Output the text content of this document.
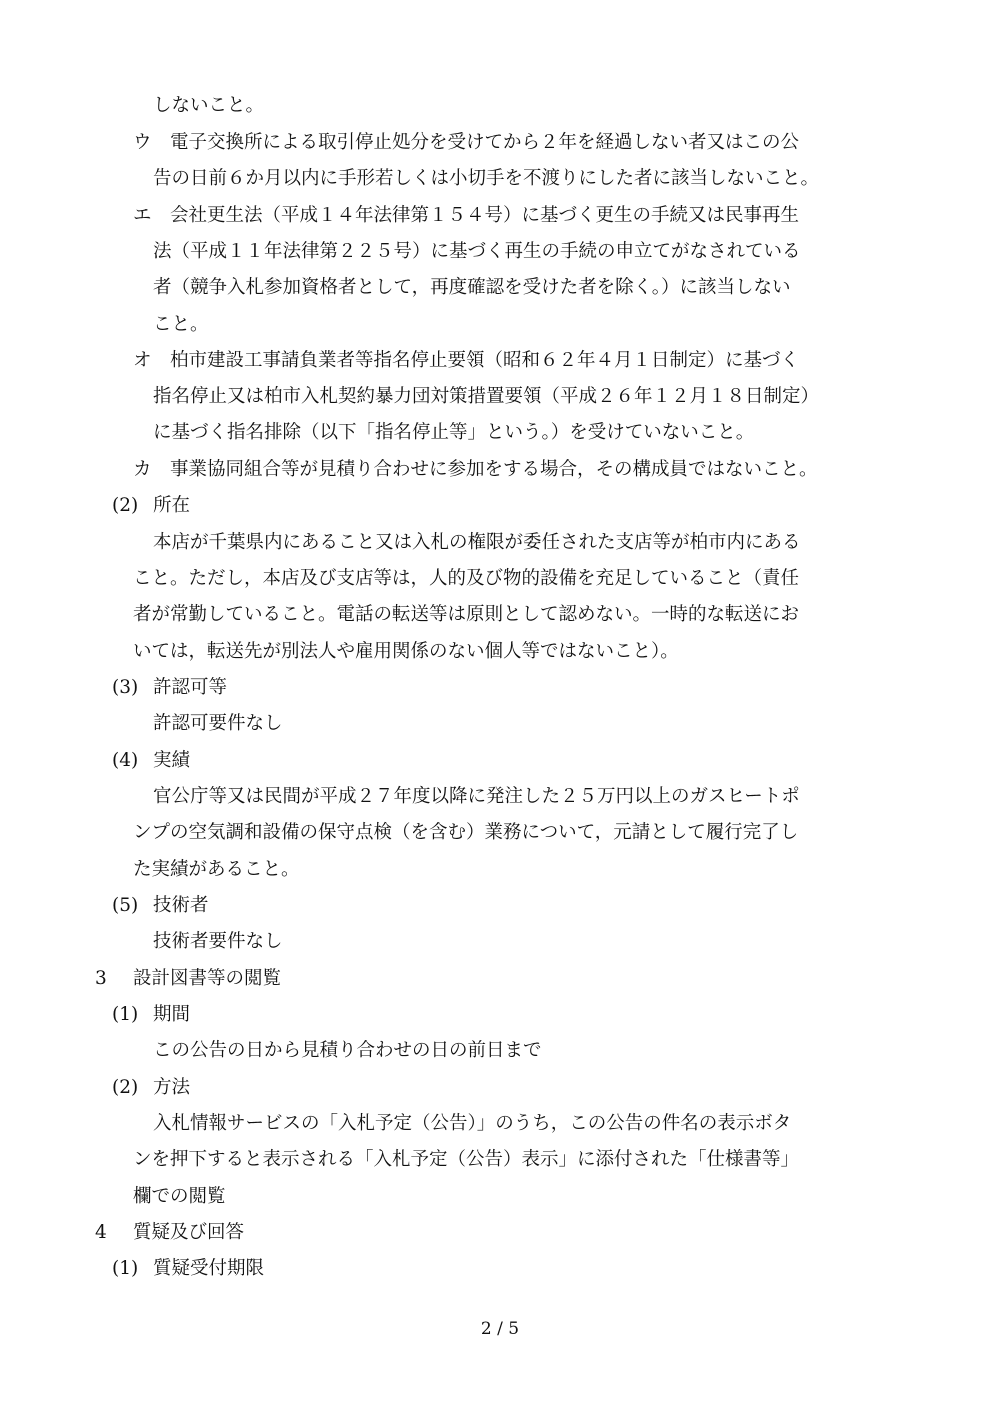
しないこと。
ウ 電子交換所による取引停止処分を受けてから２年を経過しない者又はこの公
告の日前６か月以内に手形若しくは小切手を不渡りにした者に該当しないこと。
エ 会社更生法（平成１４年法律第１５４号）に基づく更生の手続又は民事再生
法（平成１１年法律第２２５号）に基づく再生の手続の申立てがなされている
者（競争入札参加資格者として，再度確認を受けた者を除く。）に該当しない
こと。
オ 柏市建設工事請負業者等指名停止要領（昭和６２年４月１日制定）に基づく
指名停止又は柏市入札契約暴力団対策措置要領（平成２６年１２月１８日制定）
に基づく指名排除（以下「指名停止等」という。）を受けていないこと。
カ 事業協同組合等が見積り合わせに参加をする場合，その構成員ではないこと。
(2) 所在
本店が千葉県内にあること又は入札の権限が委任された支店等が柏市内にある
こと。ただし，本店及び支店等は，人的及び物的設備を充足していること（責任
者が常勤していること。電話の転送等は原則として認めない。一時的な転送にお
いては，転送先が別法人や雇用関係のない個人等ではないこと）。
(3) 許認可等
許認可要件なし
(4) 実績
官公庁等又は民間が平成２７年度以降に発注した２５万円以上のガスヒートポ
ンプの空気調和設備の保守点検（を含む）業務について，元請として履行完了し
た実績があること。
(5) 技術者
技術者要件なし
3 設計図書等の閲覧
(1) 期間
この公告の日から見積り合わせの日の前日まで
(2) 方法
入札情報サービスの「入札予定（公告）」のうち，この公告の件名の表示ボタ
ンを押下すると表示される「入札予定（公告）表示」に添付された「仕様書等」
欄での閲覧
4 質疑及び回答
(1) 質疑受付期限
2 / 5
